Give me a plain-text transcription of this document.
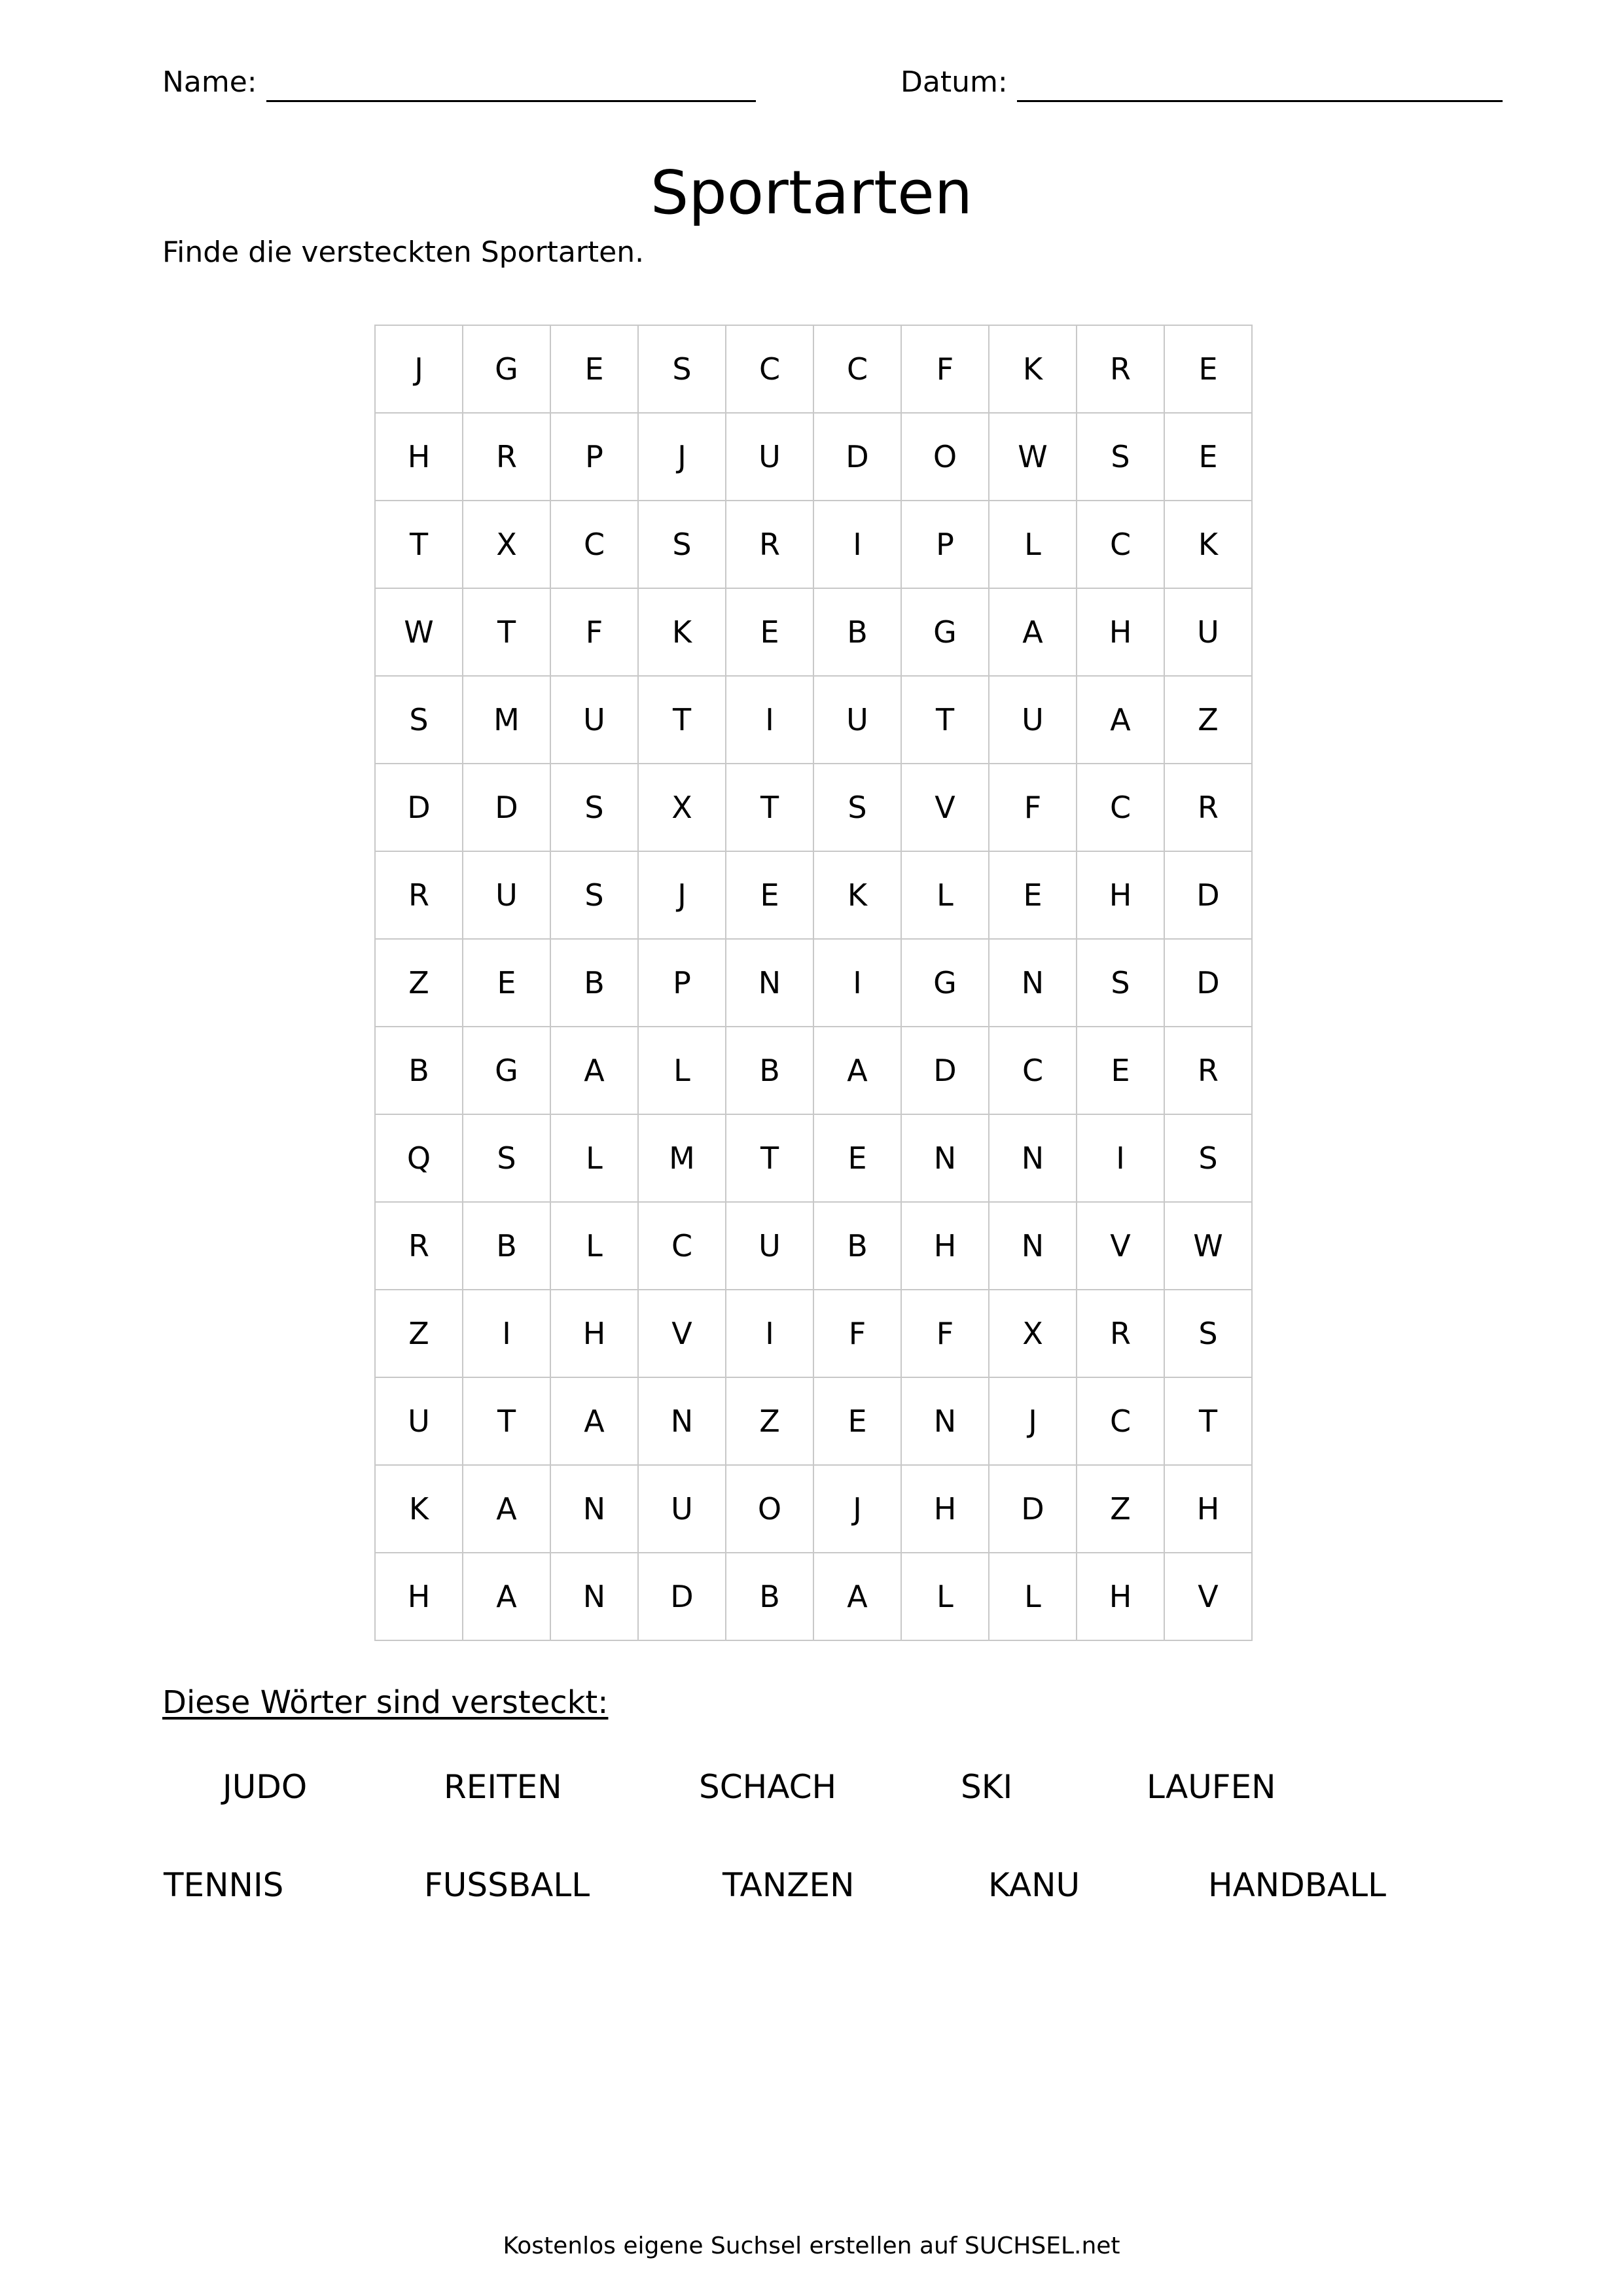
Name:	Datum:
Sportarten
Finde die versteckten Sportarten.
J	G	E	S	C	C	F	K	R	E
H	R	P	J	U	D	O	W	S	E
T	X	C	S	R	I	P	L	C	K
W	T	F	K	E	B	G	A	H	U
S	M	U	T	I	U	T	U	A	Z
D	D	S	X	T	S	V	F	C	R
R	U	S	J	E	K	L	E	H	D
Z	E	B	P	N	I	G	N	S	D
B	G	A	L	B	A	D	C	E	R
Q	S	L	M	T	E	N	N	I	S
R	B	L	C	U	B	H	N	V	W
Z	I	H	V	I	F	F	X	R	S
U	T	A	N	Z	E	N	J	C	T
K	A	N	U	O	J	H	D	Z	H
H	A	N	D	B	A	L	L	H	V
Diese Wörter sind versteckt:
JUDO	REITEN	SCHACH	SKI	LAUFEN
TENNIS	FUSSBALL	TANZEN	KANU	HANDBALL
Kostenlos eigene Suchsel erstellen auf SUCHSEL.net
